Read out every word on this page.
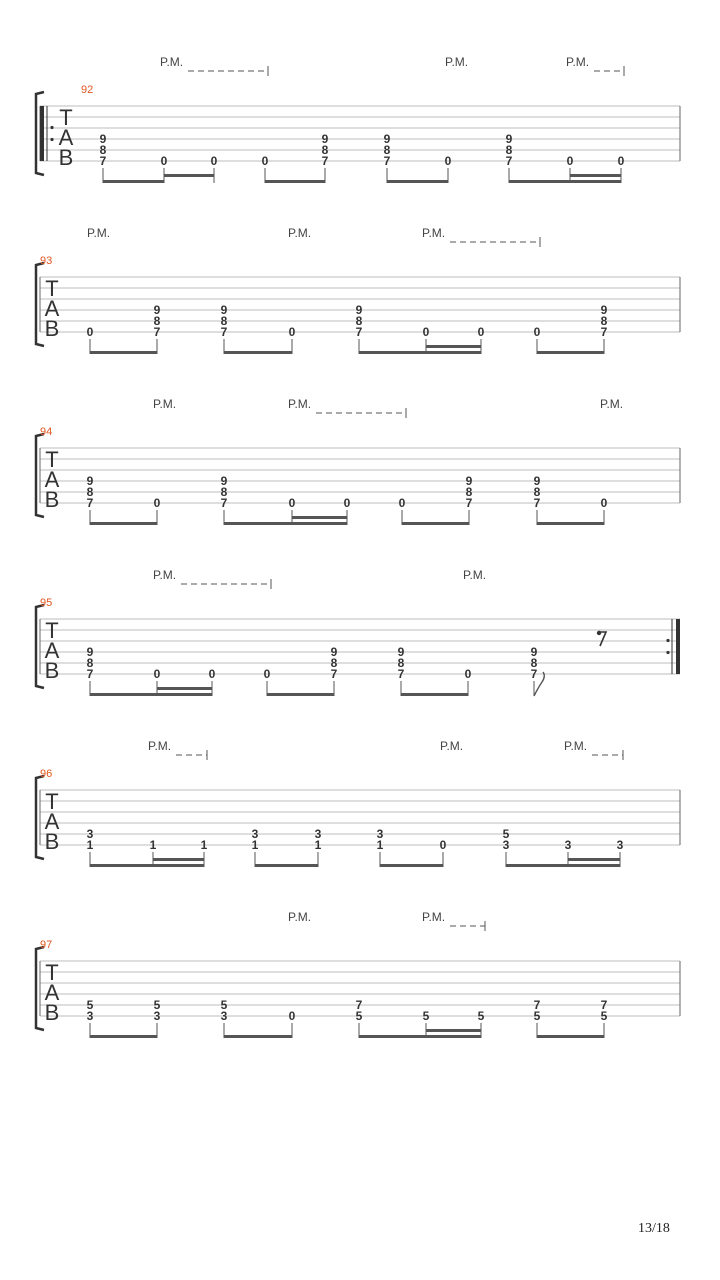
T
A
B
92
P.M.	P.M.	P.M.
9
8
7	0	0	0
9
8
7
9
8
7	0
9
8
7	0	0
T
A
B
93
P.M.	P.M.	P.M.
0
9
8
7
9
8
7	0
9
8
7	0	0	0
9
8
7
T
A
B
94
P.M.	P.M.	P.M.
9
8
7	0
9
8
7	0	0	0
9
8
7
9
8
7	0
T
A
B
95
P.M.	P.M.
9
8
7	0	0	0
9
8
7
9
8
7	0
9
8
7
T
A
B
96
P.M.	P.M.	P.M.
3
1	1	1
3
1
3
1
3
1	0
5
3	3	3
T
A
B
97
P.M.	P.M.
5
3
5
3
5
3	0
7
5	5	5
7
5
7
5
13/18
